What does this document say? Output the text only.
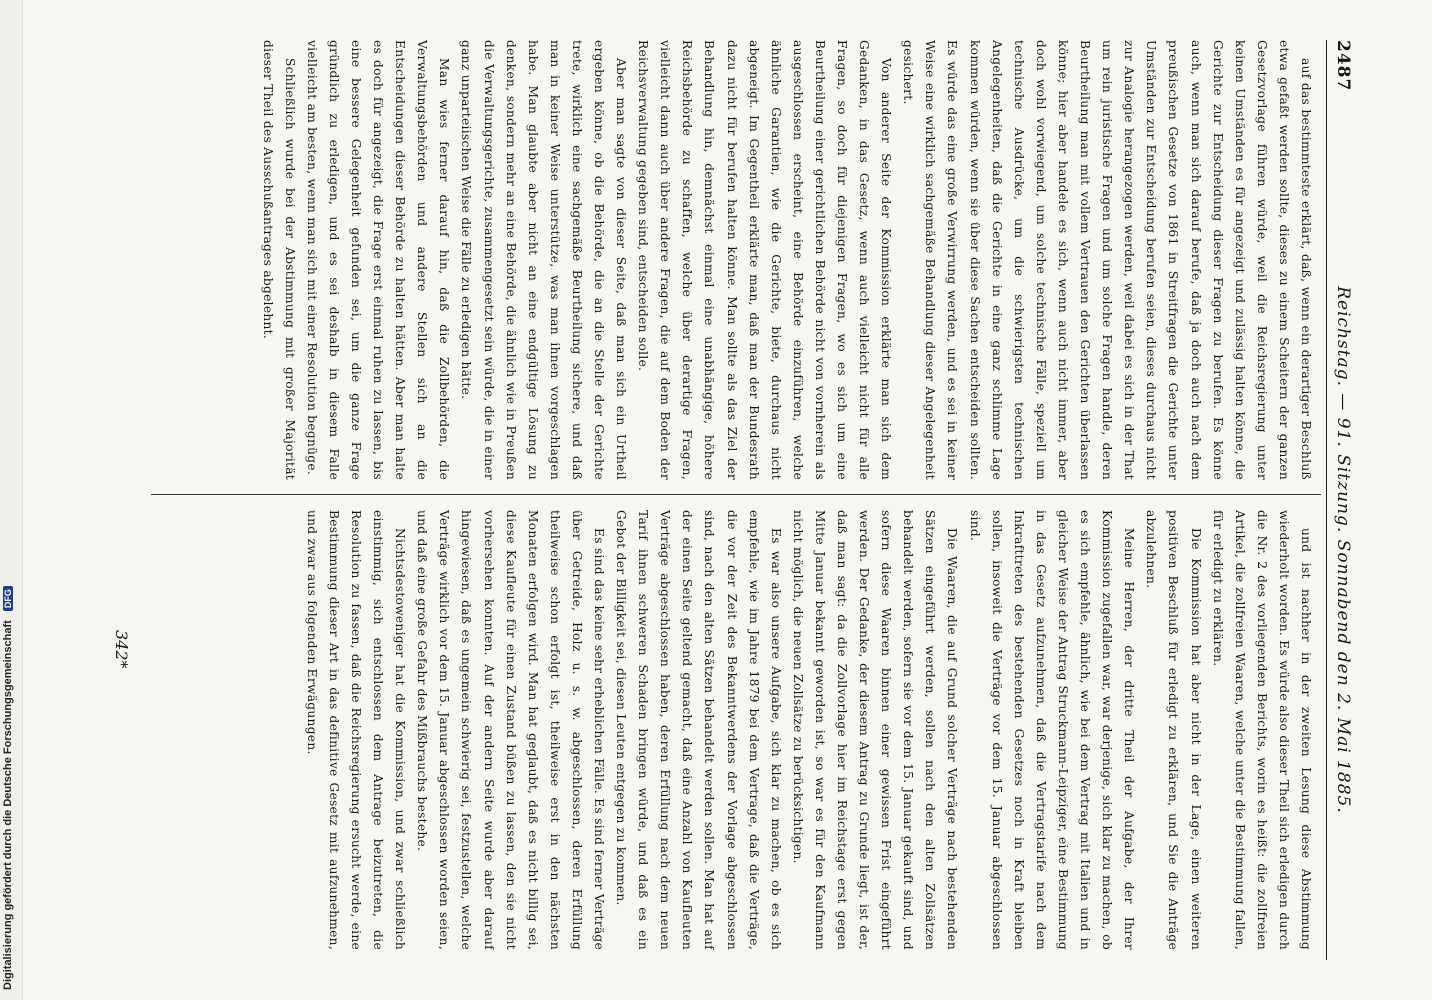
Digitalisierung gefördert durch die Deutsche Forschungsgemeinschaft DFG
2487
Reichstag. — 91. Sitzung. Sonnabend den 2. Mai 1885.

auf das bestimmteste erklärt, daß, wenn ein derartiger Beschluß etwa gefaßt werden sollte, dieses zu einem Scheitern der ganzen Gesetzvorlage führen würde, weil die Reichsregierung unter keinen Umständen es für angezeigt und zulässig halten könne, die Gerichte zur Entscheidung dieser Fragen zu berufen. Es könne auch, wenn man sich darauf berufe, daß ja doch auch nach dem preußischen Gesetze von 1861 in Streitfragen die Gerichte unter Umständen zur Entscheidung berufen seien, dieses durchaus nicht zur Analogie herangezogen werden, weil dabei es sich in der That um rein juristische Fragen und um solche Fragen handle, deren Beurtheilung man mit vollem Vertrauen den Gerichten überlassen könne; hier aber handele es sich, wenn auch nicht immer, aber doch wohl vorwiegend, um solche technische Fälle, speziell um technische Ausdrücke, um die schwierigsten technischen Angelegenheiten, daß die Gerichte in eine ganz schlimme Lage kommen würden, wenn sie über diese Sachen entscheiden sollten. Es würde das eine große Verwirrung werden, und es sei in keiner Weise eine wirklich sachgemäße Behandlung dieser Angelegenheit gesichert.

Von anderer Seite der Kommission erklärte man sich dem Gedanken, in das Gesetz, wenn auch vielleicht nicht für alle Fragen, so doch für diejenigen Fragen, wo es sich um eine Beurtheilung einer gerichtlichen Behörde nicht von vornherein als ausgeschlossen erscheint, eine Behörde einzuführen, welche ähnliche Garantien, wie die Gerichte, biete, durchaus nicht abgeneigt. Im Gegentheil erklärte man, daß man der Bundesrath dazu nicht für berufen halten könne. Man sollte als das Ziel der Behandlung hin, demnächst einmal eine unabhängige, höhere Reichsbehörde zu schaffen, welche über derartige Fragen, vielleicht dann auch über andere Fragen, die auf dem Boden der Reichsverwaltung gegeben sind, entscheiden solle.

Aber man sagte von dieser Seite, daß man sich ein Urtheil ergeben könne, ob die Behörde, die an die Stelle der Gerichte trete, wirklich eine sachgemäße Beurtheilung sichere, und daß man in keiner Weise unterstütze, was man ihnen vorgeschlagen habe. Man glaubte aber nicht an eine endgültige Lösung zu denken, sondern mehr an eine Behörde, die ähnlich wie in Preußen die Verwaltungsgerichte, zusammengesetzt sein würde, die in einer ganz unparteiischen Weise die Fälle zu erledigen hätte.

Man wies ferner darauf hin, daß die Zollbehörden, die Verwaltungsbehörden und andere Stellen sich an die Entscheidungen dieser Behörde zu halten hätten. Aber man halte es doch für angezeigt, die Frage erst einmal ruhen zu lassen, bis eine bessere Gelegenheit gefunden sei, um die ganze Frage gründlich zu erledigen, und es sei deshalb in diesem Falle vielleicht am besten, wenn man sich mit einer Resolution begnüge.

Schließlich wurde bei der Abstimmung mit großer Majorität dieser Theil des Ausschußantrages abgelehnt.

und ist nachher in der zweiten Lesung diese Abstimmung wiederholt worden. Es würde also dieser Theil sich erledigen durch die Nr. 2 des vorliegenden Berichts, worin es heißt: die zollfreien Artikel, die zollfreien Waaren, welche unter die Bestimmung fallen, für erledigt zu erklären.

Die Kommission hat aber nicht in der Lage, einen weiteren positiven Beschluß für erledigt zu erklären, und Sie die Anträge abzulehnen.

Meine Herren, der dritte Theil der Aufgabe, der Ihrer Kommission zugefallen war, war derjenige, sich klar zu machen, ob es sich empfehle, ähnlich, wie bei dem Vertrag mit Italien und in gleicher Weise der Antrag Struckmann-Leipziger, eine Bestimmung in das Gesetz aufzunehmen, daß die Vertragstarife nach dem Inkrafttreten des bestehenden Gesetzes noch in Kraft bleiben sollen, insoweit die Verträge vor dem 15. Januar abgeschlossen sind.

Die Waaren, die auf Grund solcher Verträge nach bestehenden Sätzen eingeführt werden, sollen nach den alten Zollsätzen behandelt werden, sofern sie vor dem 15. Januar gekauft sind, und sofern diese Waaren binnen einer gewissen Frist eingeführt werden. Der Gedanke, der diesem Antrag zu Grunde liegt, ist der, daß man sagt: da die Zollvorlage hier im Reichstage erst gegen Mitte Januar bekannt geworden ist, so war es für den Kaufmann nicht möglich, die neuen Zollsätze zu berücksichtigen.

Es war also unsere Aufgabe, sich klar zu machen, ob es sich empfehle, wie im Jahre 1879 bei dem Vertrage, daß die Verträge, die vor der Zeit des Bekanntwerdens der Vorlage abgeschlossen sind, nach den alten Sätzen behandelt werden sollen. Man hat auf der einen Seite geltend gemacht, daß eine Anzahl von Kaufleuten Verträge abgeschlossen haben, deren Erfüllung nach dem neuen Tarif ihnen schweren Schaden bringen würde, und daß es ein Gebot der Billigkeit sei, diesen Leuten entgegen zu kommen.

Es sind das keine sehr erheblichen Fälle. Es sind ferner Verträge über Getreide, Holz u. s. w. abgeschlossen, deren Erfüllung theilweise schon erfolgt ist, theilweise erst in den nächsten Monaten erfolgen wird. Man hat geglaubt, daß es nicht billig sei, diese Kaufleute für einen Zustand büßen zu lassen, den sie nicht vorhersehen konnten. Auf der andern Seite wurde aber darauf hingewiesen, daß es ungemein schwierig sei, festzustellen, welche Verträge wirklich vor dem 15. Januar abgeschlossen worden seien, und daß eine große Gefahr des Mißbrauchs bestehe.

Nichtsdestoweniger hat die Kommission, und zwar schließlich einstimmig, sich entschlossen dem Antrage beizutreten, die Resolution zu fassen, daß die Reichsregierung ersucht werde, eine Bestimmung dieser Art in das definitive Gesetz mit aufzunehmen, und zwar aus folgenden Erwägungen.

342*
